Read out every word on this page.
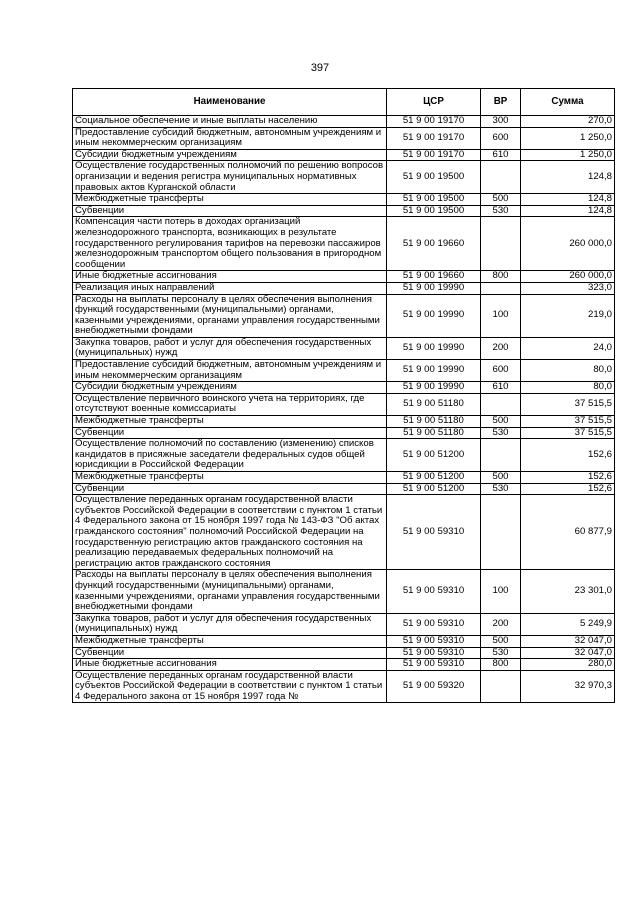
397
Наименование	ЦСР	ВР	Сумма
Социальное обеспечение и иные выплаты населению	51 9 00 19170	300	270,0
Предоставление субсидий бюджетным, автономным учреждениям и иным некоммерческим организациям	51 9 00 19170	600	1 250,0
Субсидии бюджетным учреждениям	51 9 00 19170	610	1 250,0
Осуществление государственных полномочий по решению вопросов организации и ведения регистра муниципальных нормативных правовых актов Курганской области	51 9 00 19500		124,8
Межбюджетные трансферты	51 9 00 19500	500	124,8
Субвенции	51 9 00 19500	530	124,8
Компенсация части потерь в доходах организаций железнодорожного транспорта, возникающих в результате государственного регулирования тарифов на перевозки пассажиров железнодорожным транспортом общего пользования в пригородном сообщении	51 9 00 19660		260 000,0
Иные бюджетные ассигнования	51 9 00 19660	800	260 000,0
Реализация иных направлений	51 9 00 19990		323,0
Расходы на выплаты персоналу в целях обеспечения выполнения функций государственными (муниципальными) органами, казенными учреждениями, органами управления государственными внебюджетными фондами	51 9 00 19990	100	219,0
Закупка товаров, работ и услуг для обеспечения государственных (муниципальных) нужд	51 9 00 19990	200	24,0
Предоставление субсидий бюджетным, автономным учреждениям и иным некоммерческим организациям	51 9 00 19990	600	80,0
Субсидии бюджетным учреждениям	51 9 00 19990	610	80,0
Осуществление первичного воинского учета на территориях, где отсутствуют военные комиссариаты	51 9 00 51180		37 515,5
Межбюджетные трансферты	51 9 00 51180	500	37 515,5
Субвенции	51 9 00 51180	530	37 515,5
Осуществление полномочий по составлению (изменению) списков кандидатов в присяжные заседатели федеральных судов общей юрисдикции в Российской Федерации	51 9 00 51200		152,6
Межбюджетные трансферты	51 9 00 51200	500	152,6
Субвенции	51 9 00 51200	530	152,6
Осуществление переданных органам государственной власти субъектов Российской Федерации в соответствии с пунктом 1 статьи 4 Федерального закона от 15 ноября 1997 года № 143-ФЗ "Об актах гражданского состояния" полномочий Российской Федерации на государственную регистрацию актов гражданского состояния на реализацию передаваемых федеральных полномочий на регистрацию актов гражданского состояния	51 9 00 59310		60 877,9
Расходы на выплаты персоналу в целях обеспечения выполнения функций государственными (муниципальными) органами, казенными учреждениями, органами управления государственными внебюджетными фондами	51 9 00 59310	100	23 301,0
Закупка товаров, работ и услуг для обеспечения государственных (муниципальных) нужд	51 9 00 59310	200	5 249,9
Межбюджетные трансферты	51 9 00 59310	500	32 047,0
Субвенции	51 9 00 59310	530	32 047,0
Иные бюджетные ассигнования	51 9 00 59310	800	280,0
Осуществление переданных органам государственной власти субъектов Российской Федерации в соответствии с пунктом 1 статьи 4 Федерального закона от 15 ноября 1997 года №	51 9 00 59320		32 970,3
